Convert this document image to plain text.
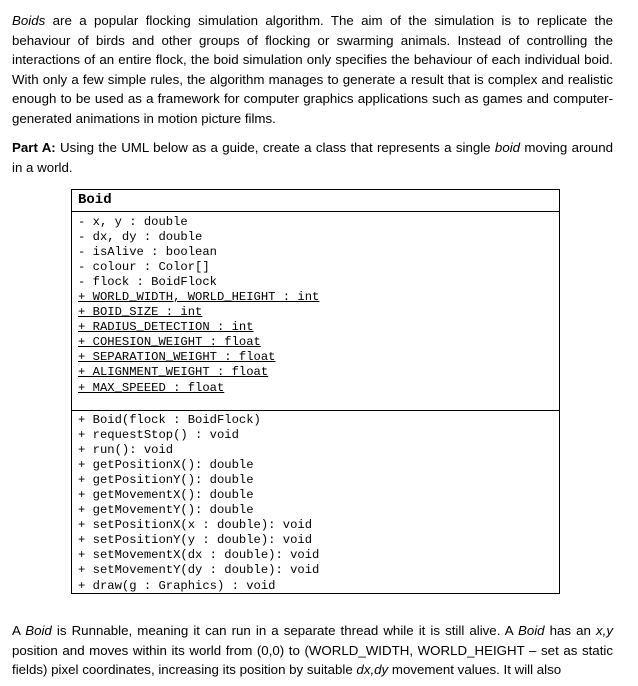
Boids are a popular flocking simulation algorithm. The aim of the simulation is to replicate the behaviour of birds and other groups of flocking or swarming animals. Instead of controlling the interactions of an entire flock, the boid simulation only specifies the behaviour of each individual boid. With only a few simple rules, the algorithm manages to generate a result that is complex and realistic enough to be used as a framework for computer graphics applications such as games and computer-generated animations in motion picture films.

Part A: Using the UML below as a guide, create a class that represents a single boid moving around in a world.

Boid
- x, y : double
- dx, dy : double
- isAlive : boolean
- colour : Color[]
- flock : BoidFlock
+ WORLD_WIDTH, WORLD_HEIGHT : int
+ BOID_SIZE : int
+ RADIUS_DETECTION : int
+ COHESION_WEIGHT : float
+ SEPARATION_WEIGHT : float
+ ALIGNMENT_WEIGHT : float
+ MAX_SPEEED : float
+ Boid(flock : BoidFlock)
+ requestStop() : void
+ run(): void
+ getPositionX(): double
+ getPositionY(): double
+ getMovementX(): double
+ getMovementY(): double
+ setPositionX(x : double): void
+ setPositionY(y : double): void
+ setMovementX(dx : double): void
+ setMovementY(dy : double): void
+ draw(g : Graphics) : void

A Boid is Runnable, meaning it can run in a separate thread while it is still alive. A Boid has an x,y position and moves within its world from (0,0) to (WORLD_WIDTH, WORLD_HEIGHT – set as static fields) pixel coordinates, increasing its position by suitable dx,dy movement values. It will also
